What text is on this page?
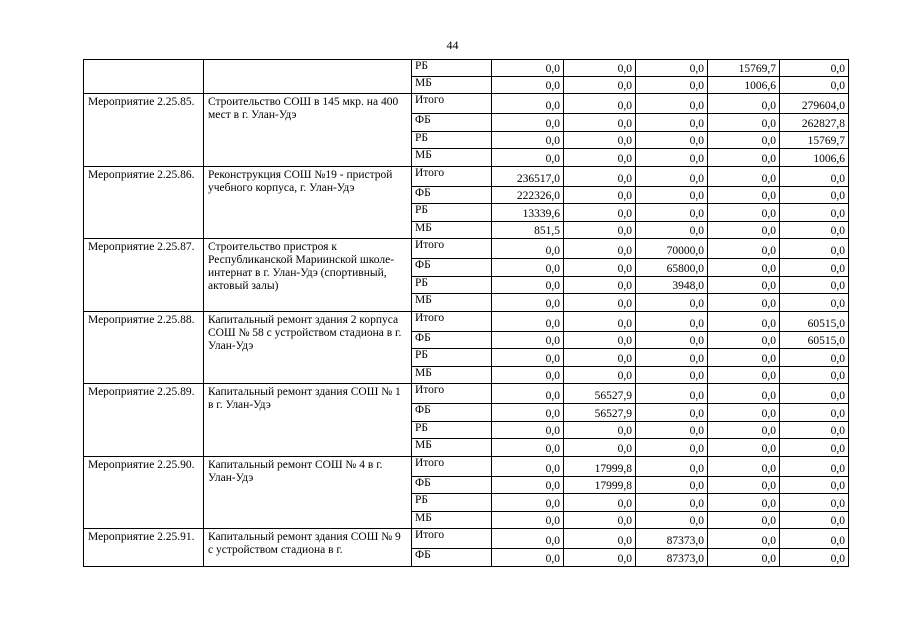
44
		РБ	0,0	0,0	0,0	15769,7	0,0
		МБ	0,0	0,0	0,0	1006,6	0,0
Мероприятие 2.25.85.	Строительство СОШ в 145 мкр. на 400 мест в г. Улан-Удэ	Итого	0,0	0,0	0,0	0,0	279604,0
		ФБ	0,0	0,0	0,0	0,0	262827,8
		РБ	0,0	0,0	0,0	0,0	15769,7
		МБ	0,0	0,0	0,0	0,0	1006,6
Мероприятие 2.25.86.	Реконструкция СОШ №19 - пристрой учебного корпуса, г. Улан-Удэ	Итого	236517,0	0,0	0,0	0,0	0,0
		ФБ	222326,0	0,0	0,0	0,0	0,0
		РБ	13339,6	0,0	0,0	0,0	0,0
		МБ	851,5	0,0	0,0	0,0	0,0
Мероприятие 2.25.87.	Строительство пристроя к Республиканской Мариинской школе-интернат в г. Улан-Удэ (спортивный, актовый залы)	Итого	0,0	0,0	70000,0	0,0	0,0
		ФБ	0,0	0,0	65800,0	0,0	0,0
		РБ	0,0	0,0	3948,0	0,0	0,0
		МБ	0,0	0,0	0,0	0,0	0,0
Мероприятие 2.25.88.	Капитальный ремонт здания 2 корпуса СОШ № 58 с устройством стадиона в г. Улан-Удэ	Итого	0,0	0,0	0,0	0,0	60515,0
		ФБ	0,0	0,0	0,0	0,0	60515,0
		РБ	0,0	0,0	0,0	0,0	0,0
		МБ	0,0	0,0	0,0	0,0	0,0
Мероприятие 2.25.89.	Капитальный ремонт здания СОШ № 1 в г. Улан-Удэ	Итого	0,0	56527,9	0,0	0,0	0,0
		ФБ	0,0	56527,9	0,0	0,0	0,0
		РБ	0,0	0,0	0,0	0,0	0,0
		МБ	0,0	0,0	0,0	0,0	0,0
Мероприятие 2.25.90.	Капитальный ремонт СОШ № 4 в г. Улан-Удэ	Итого	0,0	17999,8	0,0	0,0	0,0
		ФБ	0,0	17999,8	0,0	0,0	0,0
		РБ	0,0	0,0	0,0	0,0	0,0
		МБ	0,0	0,0	0,0	0,0	0,0
Мероприятие 2.25.91.	Капитальный ремонт здания СОШ № 9 с устройством стадиона в г.	Итого	0,0	0,0	87373,0	0,0	0,0
		ФБ	0,0	0,0	87373,0	0,0	0,0
